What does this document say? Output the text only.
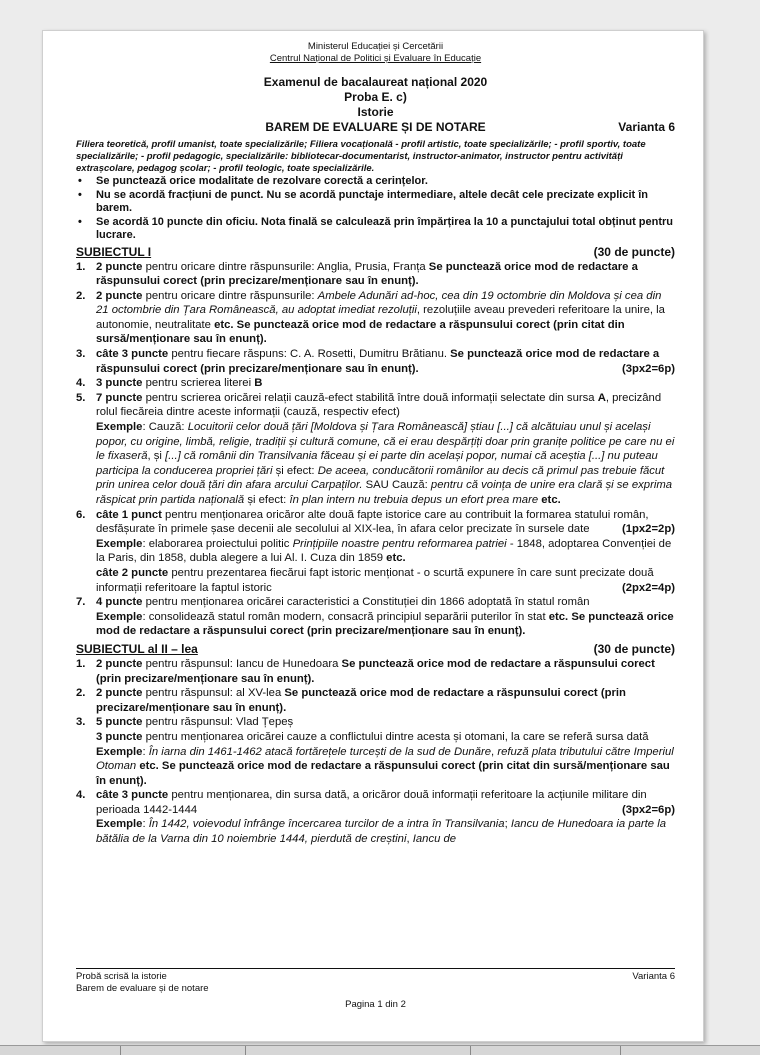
Ministerul Educației și Cercetării
Centrul Național de Politici și Evaluare în Educație
Examenul de bacalaureat național 2020
Proba E. c)
Istorie
BAREM DE EVALUARE ȘI DE NOTARE	Varianta 6

Filiera teoretică, profil umanist, toate specializările; Filiera vocațională - profil artistic, toate specializările; - profil sportiv, toate specializările; - profil pedagogic, specializările: bibliotecar-documentarist, instructor-animator, instructor pentru activități extrașcolare, pedagog școlar; - profil teologic, toate specializările.

• Se punctează orice modalitate de rezolvare corectă a cerințelor.
• Nu se acordă fracțiuni de punct. Nu se acordă punctaje intermediare, altele decât cele precizate explicit în barem.
• Se acordă 10 puncte din oficiu. Nota finală se calculează prin împărțirea la 10 a punctajului total obținut pentru lucrare.
SUBIECTUL I	(30 de puncte)
1. 2 puncte pentru oricare dintre răspunsurile: Anglia, Prusia, Franța Se punctează orice mod de redactare a răspunsului corect (prin precizare/menționare sau în enunț).
2. 2 puncte pentru oricare dintre răspunsurile: Ambele Adunări ad-hoc, cea din 19 octombrie din Moldova și cea din 21 octombrie din Țara Românească, au adoptat imediat rezoluții, rezoluțiile aveau prevederi referitoare la unire, la autonomie, neutralitate etc. Se punctează orice mod de redactare a răspunsului corect (prin citat din sursă/menționare sau în enunț).
3. câte 3 puncte pentru fiecare răspuns: C. A. Rosetti, Dumitru Brătianu. Se punctează orice mod de redactare a răspunsului corect (prin precizare/menționare sau în enunț).	(3px2=6p)
4. 3 puncte pentru scrierea literei B
5. 7 puncte pentru scrierea oricărei relații cauză-efect stabilită între două informații selectate din sursa A, precizând rolul fiecăreia dintre aceste informații (cauză, respectiv efect)
Exemple: Cauză: Locuitorii celor două țări [Moldova și Țara Românească] știau [...] că alcătuiau unul și același popor, cu origine, limbă, religie, tradiții și cultură comune, că ei erau despărțiți doar prin granițe politice pe care nu ei le fixaseră, și [...] că românii din Transilvania făceau și ei parte din același popor, numai că aceștia [...] nu puteau participa la conducerea propriei țări și efect: De aceea, conducătorii românilor au decis că primul pas trebuie făcut prin unirea celor două țări din afara arcului Carpaților. SAU Cauză: pentru că voința de unire era clară și se exprima răspicat prin partida națională și efect: în plan intern nu trebuia depus un efort prea mare etc.
6. câte 1 punct pentru menționarea oricăror alte două fapte istorice care au contribuit la formarea statului român, desfășurate în primele șase decenii ale secolului al XIX-lea, în afara celor precizate în sursele date	(1px2=2p)
Exemple: elaborarea proiectului politic Prințipiile noastre pentru reformarea patriei - 1848, adoptarea Convenției de la Paris, din 1858, dubla alegere a lui Al. I. Cuza din 1859 etc.
câte 2 puncte pentru prezentarea fiecărui fapt istoric menționat - o scurtă expunere în care sunt precizate două informații referitoare la faptul istoric	(2px2=4p)
7. 4 puncte pentru menționarea oricărei caracteristici a Constituției din 1866 adoptată în statul român
Exemple: consolidează statul român modern, consacră principiul separării puterilor în stat etc. Se punctează orice mod de redactare a răspunsului corect (prin precizare/menționare sau în enunț).
SUBIECTUL al II – lea	(30 de puncte)
1. 2 puncte pentru răspunsul: Iancu de Hunedoara Se punctează orice mod de redactare a răspunsului corect (prin precizare/menționare sau în enunț).
2. 2 puncte pentru răspunsul: al XV-lea Se punctează orice mod de redactare a răspunsului corect (prin precizare/menționare sau în enunț).
3. 5 puncte pentru răspunsul: Vlad Țepeș
3 puncte pentru menționarea oricărei cauze a conflictului dintre acesta și otomani, la care se referă sursa dată
Exemple: În iarna din 1461-1462 atacă fortărețele turcești de la sud de Dunăre, refuză plata tributului către Imperiul Otoman etc. Se punctează orice mod de redactare a răspunsului corect (prin citat din sursă/menționare sau în enunț).
4. câte 3 puncte pentru menționarea, din sursa dată, a oricăror două informații referitoare la acțiunile militare din perioada 1442-1444	(3px2=6p)
Exemple: În 1442, voievodul înfrânge încercarea turcilor de a intra în Transilvania; Iancu de Hunedoara ia parte la bătălia de la Varna din 10 noiembrie 1444, pierdută de creștini, Iancu de
Probă scrisă la istorie
Barem de evaluare și de notare
Varianta 6
Pagina 1 din 2
